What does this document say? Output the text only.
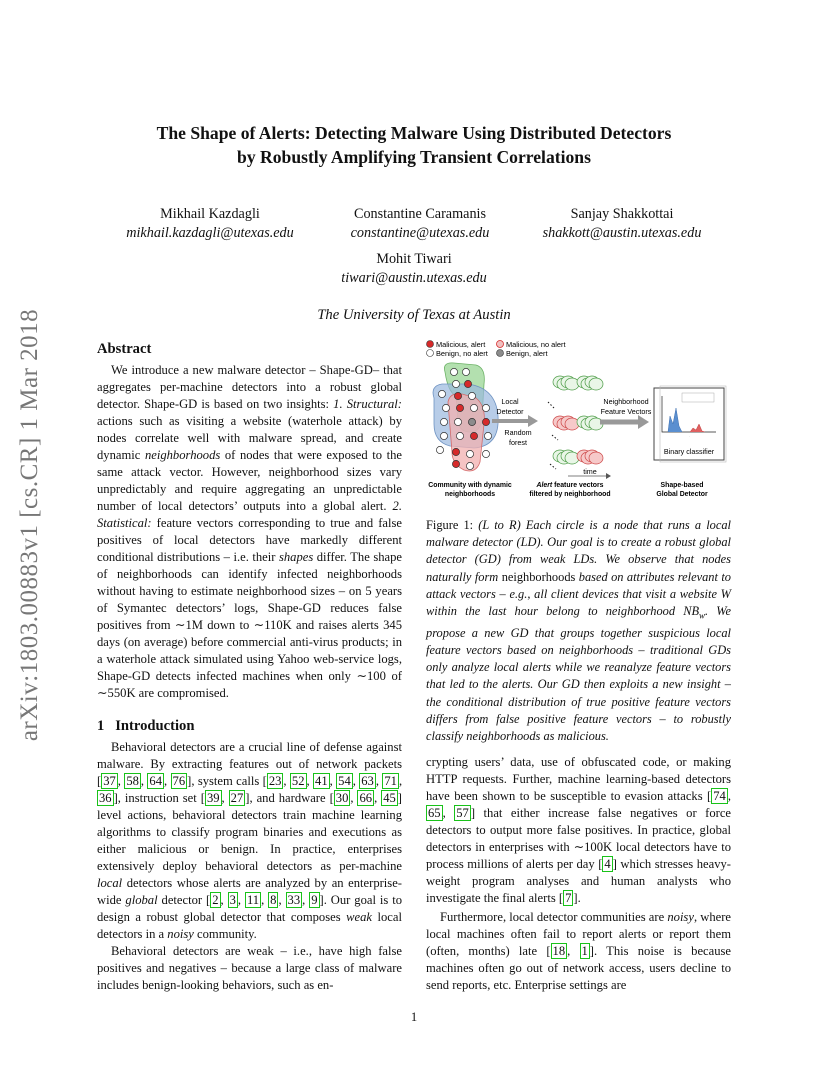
arXiv:1803.00883v1 [cs.CR] 1 Mar 2018
The Shape of Alerts: Detecting Malware Using Distributed Detectors
by Robustly Amplifying Transient Correlations
Mikhail Kazdagli
mikhail.kazdagli@utexas.edu
Constantine Caramanis
constantine@utexas.edu
Sanjay Shakkottai
shakkott@austin.utexas.edu
Mohit Tiwari
tiwari@austin.utexas.edu
The University of Texas at Austin
Abstract

We introduce a new malware detector – Shape-GD– that aggregates per-machine detectors into a robust global detector. Shape-GD is based on two insights: 1. Structural: actions such as visiting a website (waterhole attack) by nodes correlate well with malware spread, and create dynamic neighborhoods of nodes that were exposed to the same attack vector. However, neighborhood sizes vary unpredictably and require aggregating an unpredictable number of local detectors’ outputs into a global alert. 2. Statistical: feature vectors corresponding to true and false positives of local detectors have markedly different conditional distributions – i.e. their shapes differ. The shape of neighborhoods can identify infected neighborhoods without having to estimate neighborhood sizes – on 5 years of Symantec detectors’ logs, Shape-GD reduces false positives from ∼1M down to ∼110K and raises alerts 345 days (on average) before commercial anti-virus products; in a waterhole attack simulated using Yahoo web-service logs, Shape-GD detects infected machines when only ∼100 of ∼550K are compromised.

1 Introduction

Behavioral detectors are a crucial line of defense against malware. By extracting features out of network packets [ 37 , 58 , 64 , 76 ], system calls [ 23 , 52 , 41 , 54 , 63 , 71 , 36 ], instruction set [ 39 , 27 ], and hardware [ 30 , 66 , 45 ] level actions, behavioral detectors train machine learning algorithms to classify program binaries and executions as either malicious or benign. In practice, enterprises extensively deploy behavioral detectors as per-machine local detectors whose alerts are analyzed by an enterprise-wide global detector [ 2 , 3 , 11 , 8 , 33 , 9 ]. Our goal is to design a robust global detector that composes weak local detectors in a noisy community.

Behavioral detectors are weak – i.e., have high false positives and negatives – because a large class of malware includes benign-looking behaviors, such as en-

Malicious, alert	Malicious, no alert
Benign, no alert Benign, alert
Local
Detector
Random
forest
time
Neighborhood
Feature Vectors
·
Binary classifier
Community with dynamic
neighborhoods
Alert feature vectors
filtered by neighborhood
Shape-based
Global Detector
Figure 1: (L to R) Each circle is a node that runs a local malware detector (LD). Our goal is to create a robust global detector (GD) from weak LDs. We observe that nodes naturally form neighborhoods based on attributes relevant to attack vectors – e.g., all client devices that visit a website W within the last hour belong to neighborhood $NB_w$. We propose a new GD that groups together suspicious local feature vectors based on neighborhoods – traditional GDs only analyze local alerts while we reanalyze feature vectors that led to the alerts. Our GD then exploits a new insight – the conditional distribution of true positive feature vectors differs from false positive feature vectors – to robustly classify neighborhoods as malicious.

crypting users’ data, use of obfuscated code, or making HTTP requests. Further, machine learning-based detectors have been shown to be susceptible to evasion attacks [ 74 , 65 , 57 ] that either increase false negatives or force detectors to output more false positives. In practice, global detectors in enterprises with ∼100K local detectors have to process millions of alerts per day [ 4 ] which stresses heavy-weight program analyses and human analysts who investigate the final alerts [ 7 ].

Furthermore, local detector communities are noisy, where local machines often fail to report alerts or report them (often, months) late [ 18 , 1 ]. This noise is because machines often go out of network access, users decline to send reports, etc. Enterprise settings are

1
